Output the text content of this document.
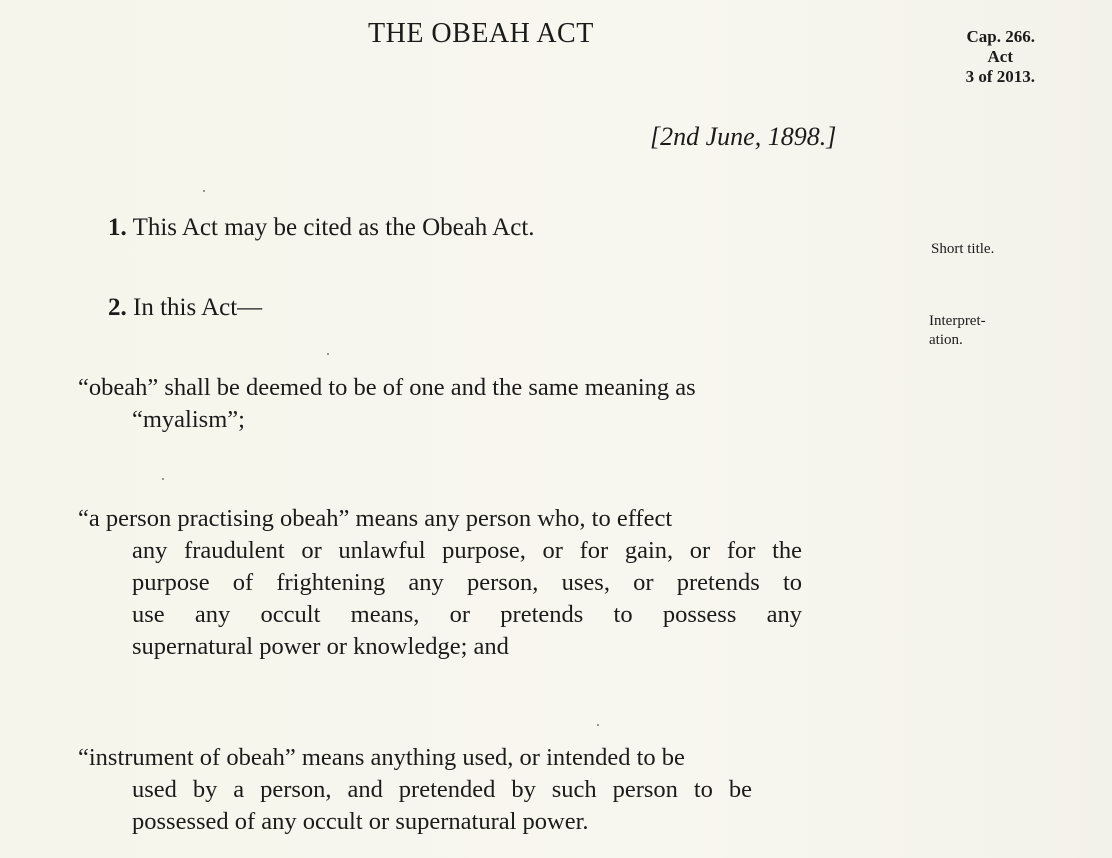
THE OBEAH ACT	Cap. 266.
Act
3 of 2013.
[2nd June, 1898.]
1. This Act may be cited as the Obeah Act.
Short title.
2. In this Act—	Interpret-
ation.
“obeah” shall be deemed to be of one and the same meaning as
“myalism”;
“a person practising obeah” means any person who, to effect
any fraudulent or unlawful purpose, or for gain, or for the
purpose of frightening any person, uses, or pretends to
use any occult means, or pretends to possess any
supernatural power or knowledge; and
“instrument of obeah” means anything used, or intended to be
used by a person, and pretended by such person to be
possessed of any occult or supernatural power.
